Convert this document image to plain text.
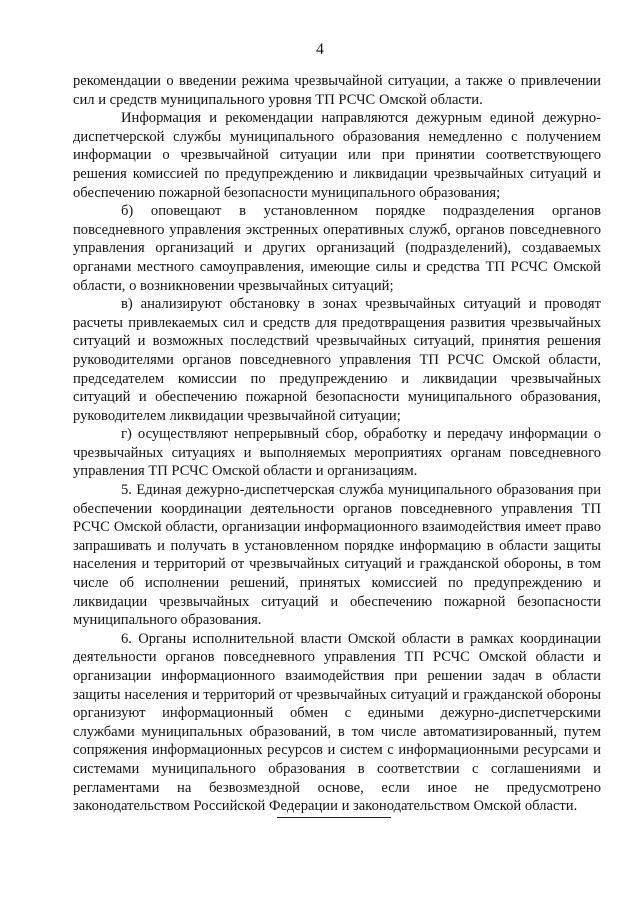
4

рекомендации о введении режима чрезвычайной ситуации, а также о привлечении сил и средств муниципального уровня ТП РСЧС Омской области.

Информация и рекомендации направляются дежурным единой дежурно-диспетчерской службы муниципального образования немедленно с получением информации о чрезвычайной ситуации или при принятии соответствующего решения комиссией по предупреждению и ликвидации чрезвычайных ситуаций и обеспечению пожарной безопасности муниципального образования;

б) оповещают в установленном порядке подразделения органов повседневного управления экстренных оперативных служб, органов повседневного управления организаций и других организаций (подразделений), создаваемых органами местного самоуправления, имеющие силы и средства ТП РСЧС Омской области, о возникновении чрезвычайных ситуаций;

в) анализируют обстановку в зонах чрезвычайных ситуаций и проводят расчеты привлекаемых сил и средств для предотвращения развития чрезвычайных ситуаций и возможных последствий чрезвычайных ситуаций, принятия решения руководителями органов повседневного управления ТП РСЧС Омской области, председателем комиссии по предупреждению и ликвидации чрезвычайных ситуаций и обеспечению пожарной безопасности муниципального образования, руководителем ликвидации чрезвычайной ситуации;

г) осуществляют непрерывный сбор, обработку и передачу информации о чрезвычайных ситуациях и выполняемых мероприятиях органам повседневного управления ТП РСЧС Омской области и организациям.

5. Единая дежурно-диспетчерская служба муниципального образования при обеспечении координации деятельности органов повседневного управления ТП РСЧС Омской области, организации информационного взаимодействия имеет право запрашивать и получать в установленном порядке информацию в области защиты населения и территорий от чрезвычайных ситуаций и гражданской обороны, в том числе об исполнении решений, принятых комиссией по предупреждению и ликвидации чрезвычайных ситуаций и обеспечению пожарной безопасности муниципального образования.

6. Органы исполнительной власти Омской области в рамках координации деятельности органов повседневного управления ТП РСЧС Омской области и организации информационного взаимодействия при решении задач в области защиты населения и территорий от чрезвычайных ситуаций и гражданской обороны организуют информационный обмен с едиными дежурно-диспетчерскими службами муниципальных образований, в том числе автоматизированный, путем сопряжения информационных ресурсов и систем с информационными ресурсами и системами муниципального образования в соответствии с соглашениями и регламентами на безвозмездной основе, если иное не предусмотрено законодательством Российской Федерации и законодательством Омской области.
